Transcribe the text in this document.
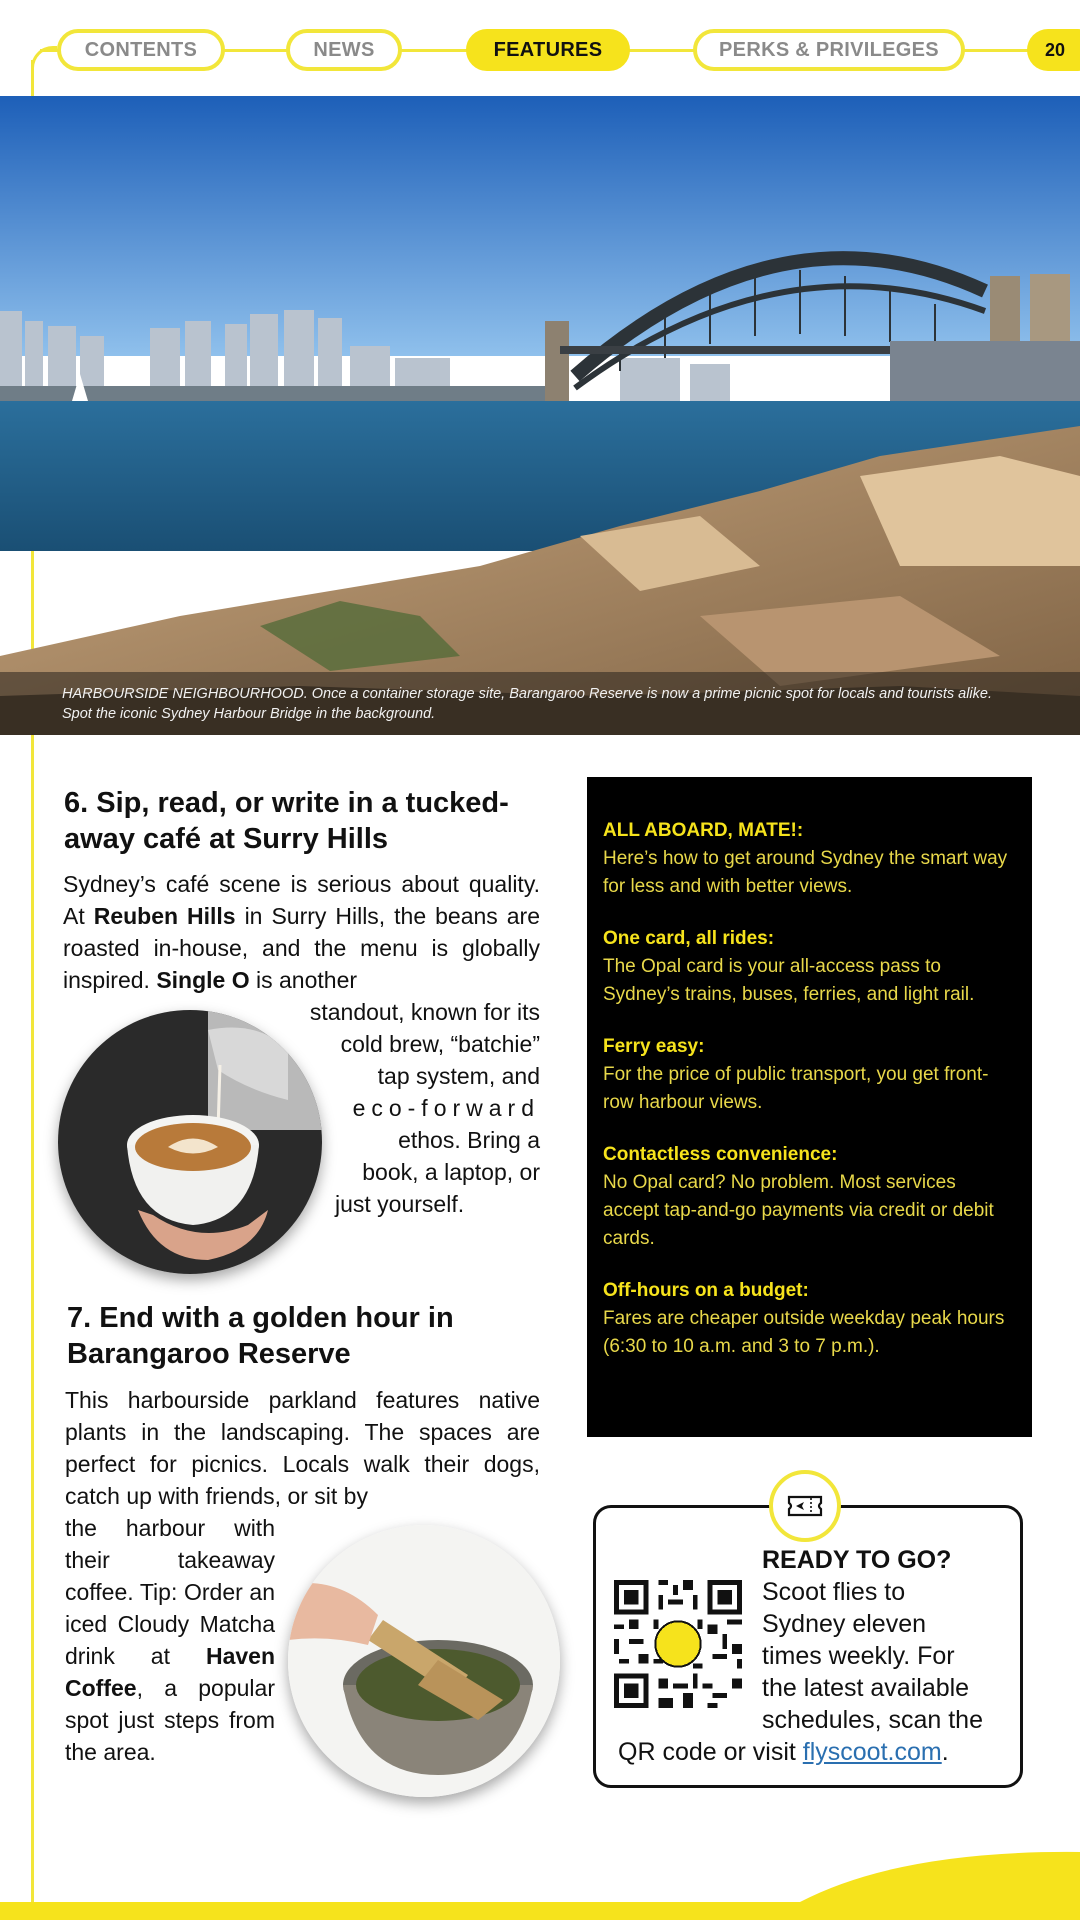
CONTENTS	NEWS	FEATURES	PERKS & PRIVILEGES	20
HARBOURSIDE NEIGHBOURHOOD. Once a container storage site, Barangaroo Reserve is now a prime picnic spot for locals and tourists alike. Spot the iconic Sydney Harbour Bridge in the background.
6. Sip, read, or write in a tucked-away café at Surry Hills
Sydney’s café scene is serious about quality. At Reuben Hills in Surry Hills, the beans are roasted in-house, and the menu is globally inspired. Single O is another
standout, known for its
cold brew, “batchie”
tap system, and
eco-forward
ethos. Bring a
book, a laptop, or
just yourself.
7. End with a golden hour in Barangaroo Reserve
This harbourside parkland features native plants in the landscaping. The spaces are perfect for picnics. Locals walk their dogs, catch up with friends, or sit by
the harbour with their takeaway coffee. Tip: Order an iced Cloudy Matcha drink at Haven Coffee, a popular spot just steps from the area.
ALL ABOARD, MATE!:
Here’s how to get around Sydney the smart way for less and with better views.
One card, all rides:
The Opal card is your all-access pass to Sydney’s trains, buses, ferries, and light rail.
Ferry easy:
For the price of public transport, you get front-row harbour views.
Contactless convenience:
No Opal card? No problem. Most services accept tap-and-go payments via credit or debit cards.
Off-hours on a budget:
Fares are cheaper outside weekday peak hours (6:30 to 10 a.m. and 3 to 7 p.m.).
READY TO GO?
Scoot flies to
Sydney eleven
times weekly. For
the latest available
schedules, scan the
QR code or visit flyscoot.com.
